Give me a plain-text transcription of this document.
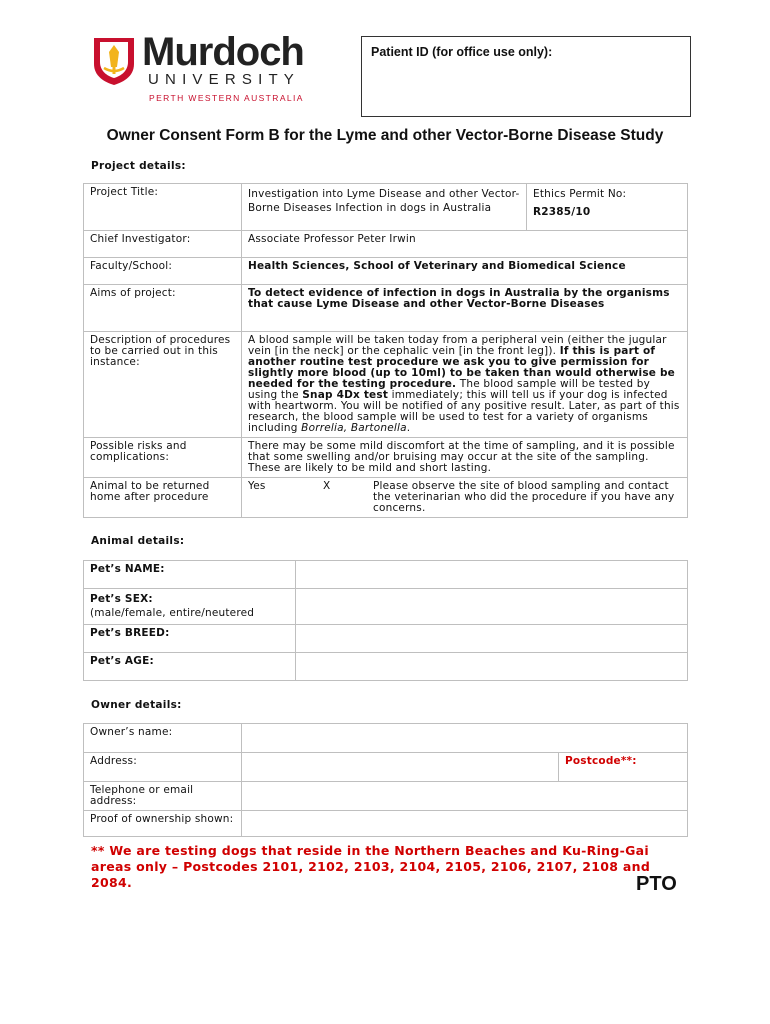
Murdoch
UNIVERSITY
PERTH WESTERN AUSTRALIA
Patient ID (for office use only):
Owner Consent Form B for the Lyme and other Vector-Borne Disease Study
Project details:
Project Title:	Investigation into Lyme Disease and other Vector-Borne Diseases Infection in dogs in Australia	Ethics Permit No:
R2385/10

Chief Investigator:	Associate Professor Peter Irwin	
Faculty/School:	Health Sciences, School of Veterinary and Biomedical Science	
Aims of project:	To detect evidence of infection in dogs in Australia by the organisms that cause Lyme Disease and other Vector-Borne Diseases	
Description of procedures to be carried out in this instance:	A blood sample will be taken today from a peripheral vein (either the jugular vein [in the neck] or the cephalic vein [in the front leg]). If this is part of another routine test procedure we ask you to give permission for slightly more blood (up to 10ml) to be taken than would otherwise be needed for the testing procedure. The blood sample will be tested by using the Snap 4Dx test immediately; this will tell us if your dog is infected with heartworm. You will be notified of any positive result. Later, as part of this research, the blood sample will be used to test for a variety of organisms including Borrelia, Bartonella.	
Possible risks and complications:	There may be some mild discomfort at the time of sampling, and it is possible that some swelling and/or bruising may occur at the site of the sampling. These are likely to be mild and short lasting.	
Animal to be returned home after procedure	Yes X Please observe the site of blood sampling and contact the veterinarian who did the procedure if you have any concerns.	
Animal details:
Pet’s NAME:	

Pet’s SEX:
(male/female, entire/neutered	

Pet’s BREED:	
Pet’s AGE:	
Owner details:
Owner’s name:		
Address:		Postcode**:
Telephone or email address:		
Proof of ownership shown:		
** We are testing dogs that reside in the Northern Beaches and Ku-Ring-Gai areas only – Postcodes 2101, 2102, 2103, 2104, 2105, 2106, 2107, 2108 and 2084.	PTO
